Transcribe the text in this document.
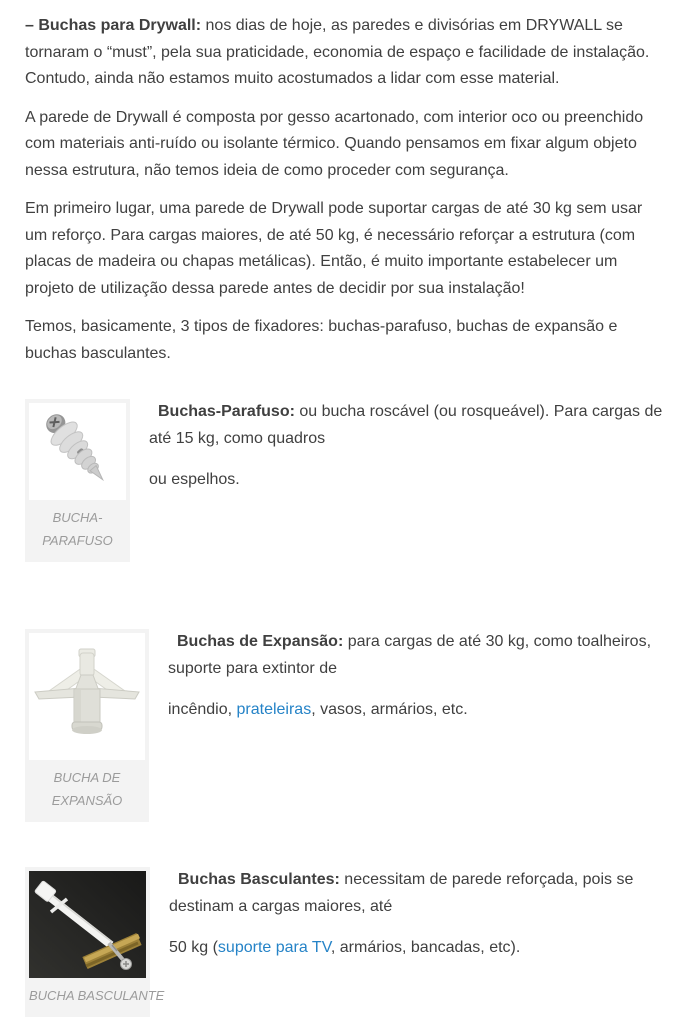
– Buchas para Drywall: nos dias de hoje, as paredes e divisórias em DRYWALL se tornaram o “must”, pela sua praticidade, economia de espaço e facilidade de instalação. Contudo, ainda não estamos muito acostumados a lidar com esse material.

A parede de Drywall é composta por gesso acartonado, com interior oco ou preenchido com materiais anti-ruído ou isolante térmico. Quando pensamos em fixar algum objeto nessa estrutura, não temos ideia de como proceder com segurança.

Em primeiro lugar, uma parede de Drywall pode suportar cargas de até 30 kg sem usar um reforço. Para cargas maiores, de até 50 kg, é necessário reforçar a estrutura (com placas de madeira ou chapas metálicas). Então, é muito importante estabelecer um projeto de utilização dessa parede antes de decidir por sua instalação!

Temos, basicamente, 3 tipos de fixadores: buchas-parafuso, buchas de expansão e buchas basculantes.

BUCHA-
PARAFUSO

Buchas-Parafuso: ou bucha roscável (ou rosqueável). Para cargas de até 15 kg, como quadros

ou espelhos.

BUCHA DE
EXPANSÃO

Buchas de Expansão: para cargas de até 30 kg, como toalheiros, suporte para extintor de

incêndio, prateleiras, vasos, armários, etc.

BUCHA BASCULANTE

Buchas Basculantes: necessitam de parede reforçada, pois se destinam a cargas maiores, até

50 kg (suporte para TV, armários, bancadas, etc).
